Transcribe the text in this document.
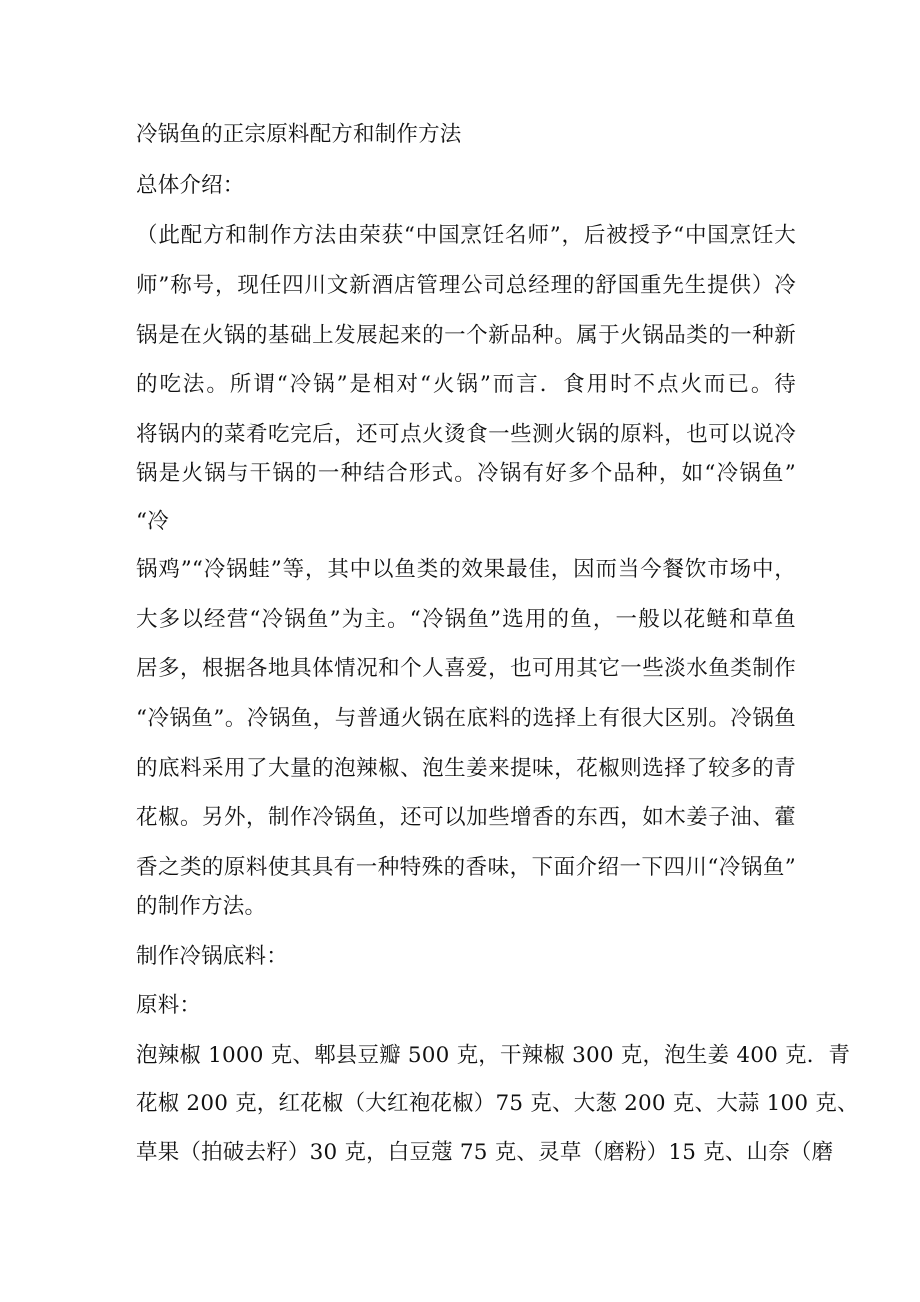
冷锅鱼的正宗原料配方和制作方法
总体介绍：
（此配方和制作方法由荣获“中国烹饪名师”，后被授予“中国烹饪大
师”称号，现任四川文新酒店管理公司总经理的舒国重先生提供）冷
锅是在火锅的基础上发展起来的一个新品种。属于火锅品类的一种新
的吃法。所谓“冷锅”是相对“火锅”而言．食用时不点火而已。待
将锅内的菜肴吃完后，还可点火烫食一些测火锅的原料，也可以说冷
锅是火锅与干锅的一种结合形式。冷锅有好多个品种，如“冷锅鱼”
“冷
锅鸡”“冷锅蛙”等，其中以鱼类的效果最佳，因而当今餐饮市场中，
大多以经营“冷锅鱼”为主。“冷锅鱼”选用的鱼，一般以花鲢和草鱼
居多，根据各地具体情况和个人喜爱，也可用其它一些淡水鱼类制作
“冷锅鱼”。冷锅鱼，与普通火锅在底料的选择上有很大区别。冷锅鱼
的底料采用了大量的泡辣椒、泡生姜来提味，花椒则选择了较多的青
花椒。另外，制作冷锅鱼，还可以加些增香的东西，如木姜子油、藿
香之类的原料使其具有一种特殊的香味，下面介绍一下四川“冷锅鱼”
的制作方法。
制作冷锅底料：
原料：
泡辣椒 1000 克、郫县豆瓣 500 克，干辣椒 300 克，泡生姜 400 克．青
花椒 200 克，红花椒（大红袍花椒）75 克、大葱 200 克、大蒜 100 克、
草果（拍破去籽）30 克，白豆蔻 75 克、灵草（磨粉）15 克、山奈（磨
